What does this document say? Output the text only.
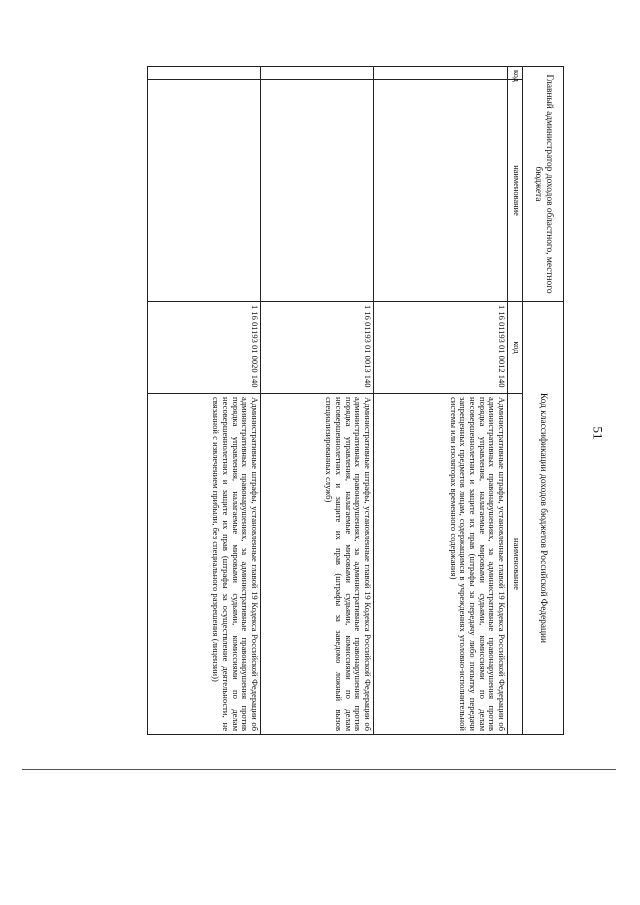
51
Главный администратор доходов областного, местного бюджета		Код классификации доходов бюджетов Российской Федерации	
		код	наименование
код	наименование		
		1 16 01193 01 0012 140	Административные штрафы, установленные главой 19 Кодекса Российской Федерации об административных правонарушениях, за административные правонарушения против порядка управления, налагаемые мировыми судьями, комиссиями по делам несовершеннолетних и защите их прав (штрафы за передачу либо попытку передачи запрещенных предметов лицам, содержащимся в учреждениях уголовно-исполнительной системы или изоляторах временного содержания)
		1 16 01193 01 0013 140	Административные штрафы, установленные главой 19 Кодекса Российской Федерации об административных правонарушениях, за административные правонарушения против порядка управления, налагаемые мировыми судьями, комиссиями по делам несовершеннолетних и защите их прав (штрафы за заведомо ложный вызов специализированных служб)
		1 16 01193 01 0020 140	Административные штрафы, установленные главой 19 Кодекса Российской Федерации об административных правонарушениях, за административные правонарушения против порядка управления, налагаемые мировыми судьями, комиссиями по делам несовершеннолетних и защите их прав (штрафы за осуществление деятельности, не связанной с извлечением прибыли, без специального разрешения (лицензии))
